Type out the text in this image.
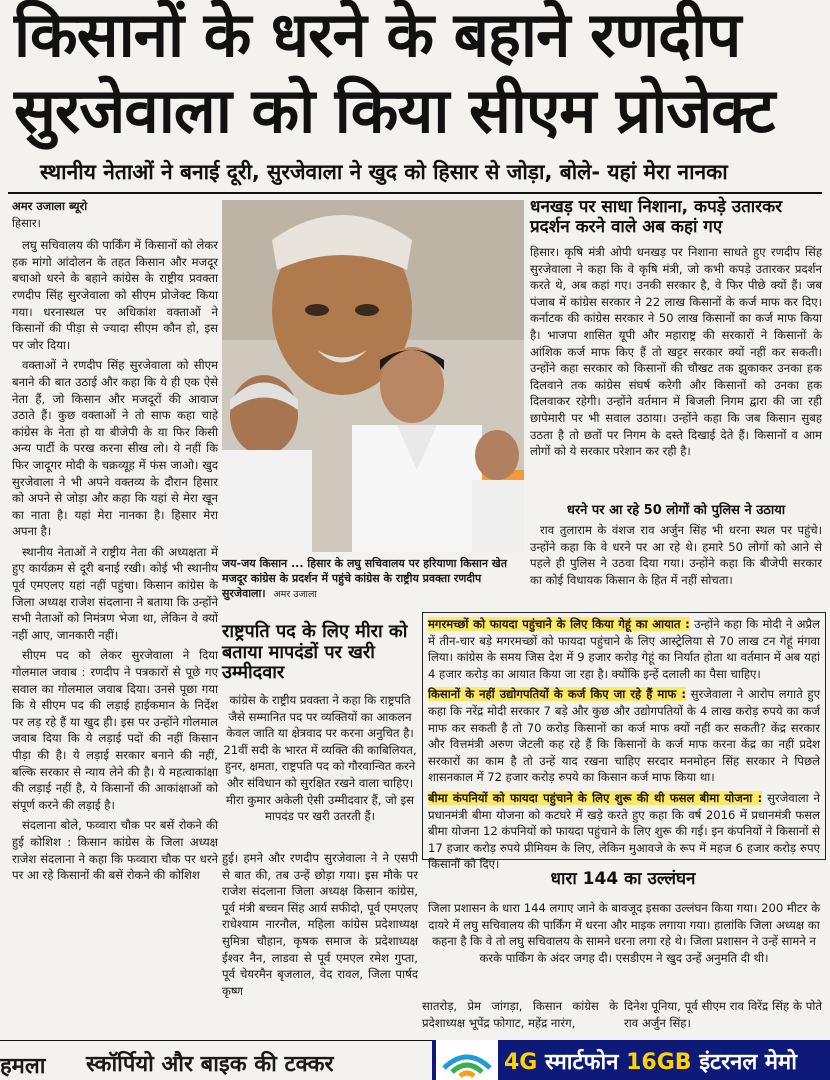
किसानों के धरने के बहाने रणदीप
सुरजेवाला को किया सीएम प्रोजेक्ट
स्थानीय नेताओं ने बनाई दूरी, सुरजेवाला ने खुद को हिसार से जोड़ा, बोले- यहां मेरा नानका
अमर उजाला ब्यूरो
हिसार।

लघु सचिवालय की पार्किंग में किसानों को लेकर हक मांगो आंदोलन के तहत किसान और मजदूर बचाओ धरने के बहाने कांग्रेस के राष्ट्रीय प्रवक्ता रणदीप सिंह सुरजेवाला को सीएम प्रोजेक्ट किया गया। धरनास्थल पर अधिकांश वक्ताओं ने किसानों की पीड़ा से ज्यादा सीएम कौन हो, इस पर जोर दिया।

वक्ताओं ने रणदीप सिंह सुरजेवाला को सीएम बनाने की बात उठाई और कहा कि ये ही एक ऐसे नेता हैं, जो किसान और मजदूरों की आवाज उठाते हैं। कुछ वक्ताओं ने तो साफ कहा चाहे कांग्रेस के नेता हो या बीजेपी के या फिर किसी अन्य पार्टी के परख करना सीख लो। ये नहीं कि फिर जादूगर मोदी के चक्रव्यूह में फंस जाओ। खुद सुरजेवाला ने भी अपने वक्तव्य के दौरान हिसार को अपने से जोड़ा और कहा कि यहां से मेरा खून का नाता है। यहां मेरा नानका है। हिसार मेरा अपना है।

स्थानीय नेताओं ने राष्ट्रीय नेता की अध्यक्षता में हुए कार्यक्रम से दूरी बनाई रखी। कोई भी स्थानीय पूर्व एमएलए यहां नहीं पहुंचा। किसान कांग्रेस के जिला अध्यक्ष राजेश संदलाना ने बताया कि उन्होंने सभी नेताओं को निमंत्रण भेजा था, लेकिन वे क्यों नहीं आए, जानकारी नहीं।

सीएम पद को लेकर सुरजेवाला ने दिया गोलमाल जवाब : रणदीप ने पत्रकारों से पूछे गए सवाल का गोलमाल जवाब दिया। उनसे पूछा गया कि ये सीएम पद की लड़ाई हाईकमान के निर्देश पर लड़ रहे हैं या खुद ही। इस पर उन्होंने गोलमाल जवाब दिया कि ये लड़ाई पदों की नहीं किसान पीड़ा की है। ये लड़ाई सरकार बनाने की नहीं, बल्कि सरकार से न्याय लेने की है। ये महत्वाकांक्षा की लड़ाई नहीं है, ये किसानों की आकांक्षाओं को संपूर्ण करने की लड़ाई है।

संदलाना बोले, फव्वारा चौक पर बसें रोकने की हुई कोशिश : किसान कांग्रेस के जिला अध्यक्ष राजेश संदलाना ने कहा कि फव्वारा चौक पर धरने पर आ रहे किसानों की बसें रोकने की कोशिश

जय-जय किसान ... हिसार के लघु सचिवालय पर हरियाणा किसान खेत मजदूर कांग्रेस के प्रदर्शन में पहुंचे कांग्रेस के राष्ट्रीय प्रवक्ता रणदीप सुरजेवाला। अमर उजाला
धनखड़ पर साधा निशाना, कपड़े उतारकर प्रदर्शन करने वाले अब कहां गए

हिसार। कृषि मंत्री ओपी धनखड़ पर निशाना साधते हुए रणदीप सिंह सुरजेवाला ने कहा कि वे कृषि मंत्री, जो कभी कपड़े उतारकर प्रदर्शन करते थे, अब कहां गए। उनकी सरकार है, वे फिर पीछे क्यों हैं। जब पंजाब में कांग्रेस सरकार ने 22 लाख किसानों के कर्ज माफ कर दिए। कर्नाटक की कांग्रेस सरकार ने 50 लाख किसानों का कर्ज माफ किया है। भाजपा शासित यूपी और महाराष्ट्र की सरकारों ने किसानों के आंशिक कर्ज माफ किए हैं तो खट्टर सरकार क्यों नहीं कर सकती। उन्होंने कहा सरकार को किसानों की चौखट तक झुकाकर उनका हक दिलवाने तक कांग्रेस संघर्ष करेगी और किसानों को उनका हक दिलवाकर रहेगी। उन्होंने वर्तमान में बिजली निगम द्वारा की जा रही छापेमारी पर भी सवाल उठाया। उन्होंने कहा कि जब किसान सुबह उठता है तो छतों पर निगम के दस्ते दिखाई देते हैं। किसानों व आम लोगों को ये सरकार परेशान कर रही है।

धरने पर आ रहे 50 लोगों को पुलिस ने उठाया

राव तुलाराम के वंशज राव अर्जुन सिंह भी धरना स्थल पर पहुंचे। उन्होंने कहा कि वे धरने पर आ रहे थे। हमारे 50 लोगों को आने से पहले ही पुलिस ने उठवा दिया गया। उन्होंने कहा कि बीजेपी सरकार का कोई विधायक किसान के हित में नहीं सोचता।

राष्ट्रपति पद के लिए मीरा को बताया मापदंडों पर खरी उम्मीदवार

कांग्रेस के राष्ट्रीय प्रवक्ता ने कहा कि राष्ट्रपति जैसे सम्मानित पद पर व्यक्तियों का आकलन केवल जाति या क्षेत्रवाद पर करना अनुचित है। 21वीं सदी के भारत में व्यक्ति की काबिलियत, हुनर, क्षमता, राष्ट्रपति पद को गौरवान्वित करने और संविधान को सुरक्षित रखने वाला चाहिए। मीरा कुमार अकेली ऐसी उम्मीदवार हैं, जो इस मापदंड पर खरी उतरती हैं।

मगरमच्छों को फायदा पहुंचाने के लिए किया गेहूं का आयात : उन्होंने कहा कि मोदी ने अप्रैल में तीन-चार बड़े मगरमच्छों को फायदा पहुंचाने के लिए आस्ट्रेलिया से 70 लाख टन गेहूं मंगवा लिया। कांग्रेस के समय जिस देश में 9 हजार करोड़ गेहूं का निर्यात होता था वर्तमान में अब यहां 4 हजार करोड़ का आयात किया जा रहा है। क्योंकि इन्हें दलाली का पैसा चाहिए।

किसानों के नहीं उद्योगपतियों के कर्ज किए जा रहे हैं माफ : सुरजेवाला ने आरोप लगाते हुए कहा कि नरेंद्र मोदी सरकार 7 बड़े और कुछ और उद्योगपतियों के 4 लाख करोड़ रुपये का कर्ज माफ कर सकती है तो 70 करोड़ किसानों का कर्ज माफ क्यों नहीं कर सकती? केंद्र सरकार और वित्तमंत्री अरुण जेटली कह रहे हैं कि किसानों के कर्ज माफ करना केंद्र का नहीं प्रदेश सरकारों का काम है तो उन्हें याद रखना चाहिए सरदार मनमोहन सिंह सरकार ने पिछले शासनकाल में 72 हजार करोड़ रुपये का किसान कर्ज माफ किया था।

बीमा कंपनियों को फायदा पहुंचाने के लिए शुरू की थी फसल बीमा योजना : सुरजेवाला ने प्रधानमंत्री बीमा योजना को कटघरे में खड़े करते हुए कहा कि वर्ष 2016 में प्रधानमंत्री फसल बीमा योजना 12 कंपनियों को फायदा पहुंचाने के लिए शुरू की गई। इन कंपनियों ने किसानों से 17 हजार करोड़ रुपये प्रीमियम के लिए, लेकिन मुआवजे के रूप में महज 6 हजार करोड़ रुपए किसानों को दिए।

धारा 144 का उल्लंघन

जिला प्रशासन के धारा 144 लगाए जाने के बावजूद इसका उल्लंघन किया गया। 200 मीटर के दायरे में लघु सचिवालय की पार्किंग में धरना और माइक लगाया गया। हालांकि जिला अध्यक्ष का कहना है कि वे तो लघु सचिवालय के सामने धरना लगा रहे थे। जिला प्रशासन ने उन्हें सामने न करके पार्किंग के अंदर जगह दी। एसडीएम ने खुद उन्हें अनुमति दी थी।

हुई। हमने और रणदीप सुरजेवाला ने ने एसपी से बात की, तब उन्हें छोड़ा गया। इस मौके पर राजेश संदलाना जिला अध्यक्ष किसान कांग्रेस, पूर्व मंत्री बच्चन सिंह आर्य सफीदो, पूर्व एमएलए राधेश्याम नारनौल, महिला कांग्रेस प्रदेशाध्यक्ष सुमित्रा चौहान, कृषक समाज के प्रदेशाध्यक्ष ईश्वर नैन, लाडवा से पूर्व एमएल रमेश गुप्ता, पूर्व चेयरमैन बृजलाल, वेद रावल, जिला पार्षद कृष्ण

सातरोड़, प्रेम जांगड़ा, किसान कांग्रेस के प्रदेशाध्यक्ष भूपेंद्र फोगाट, महेंद्र नारंग,

दिनेश पूनिया, पूर्व सीएम राव विरेंद्र सिंह के पोते राव अर्जुन सिंह।

हमला स्कॉर्पियो और बाइक की टक्कर	4G स्मार्टफोन 16GB इंटरनल मेमो
